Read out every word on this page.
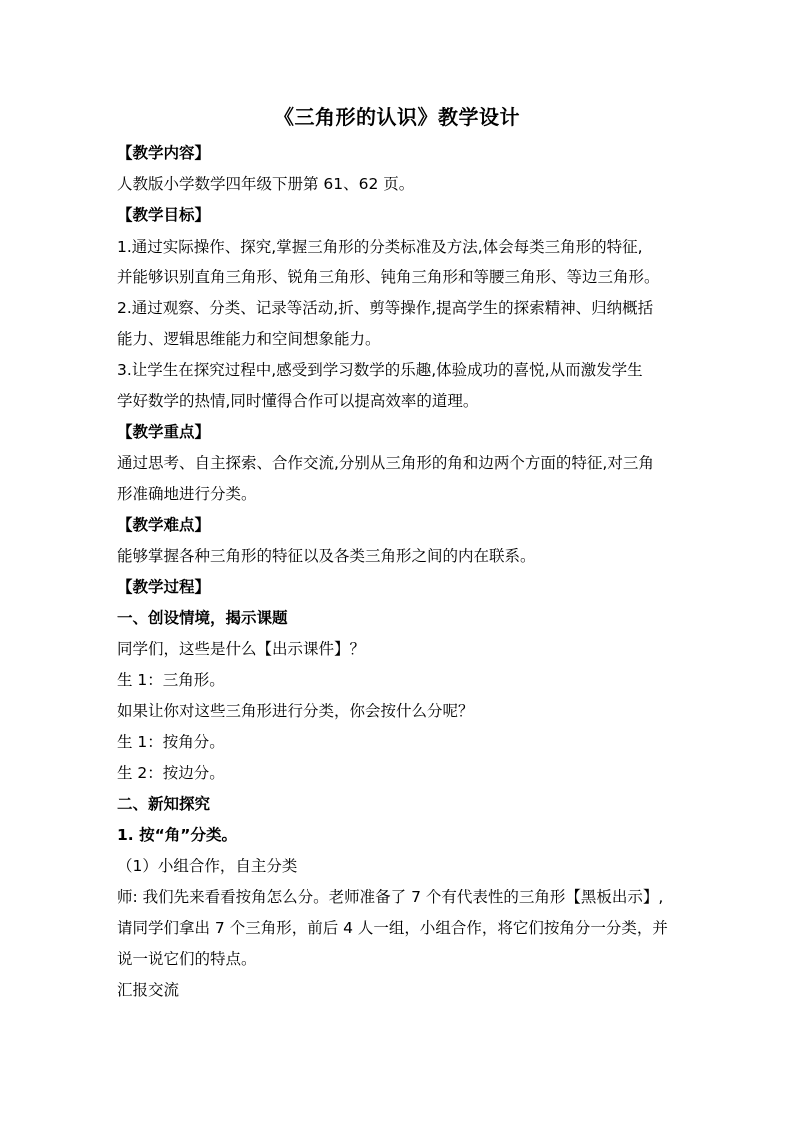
《三角形的认识》教学设计
【教学内容】
人教版小学数学四年级下册第 61、62 页。
【教学目标】
1.通过实际操作、探究,掌握三角形的分类标准及方法,体会每类三角形的特征,
并能够识别直角三角形、锐角三角形、钝角三角形和等腰三角形、等边三角形。
2.通过观察、分类、记录等活动,折、剪等操作,提高学生的探索精神、归纳概括
能力、逻辑思维能力和空间想象能力。
3.让学生在探究过程中,感受到学习数学的乐趣,体验成功的喜悦,从而激发学生
学好数学的热情,同时懂得合作可以提高效率的道理。
【教学重点】
通过思考、自主探索、合作交流,分别从三角形的角和边两个方面的特征,对三角
形准确地进行分类。
【教学难点】
能够掌握各种三角形的特征以及各类三角形之间的内在联系。
【教学过程】
一、创设情境，揭示课题
同学们，这些是什么【出示课件】？
生 1：三角形。
如果让你对这些三角形进行分类，你会按什么分呢？
生 1：按角分。
生 2：按边分。
二、新知探究
1. 按“角”分类。
（1）小组合作，自主分类
师: 我们先来看看按角怎么分。老师准备了 7 个有代表性的三角形【黑板出示】,
请同学们拿出 7 个三角形，前后 4 人一组，小组合作，将它们按角分一分类，并
说一说它们的特点。
汇报交流
